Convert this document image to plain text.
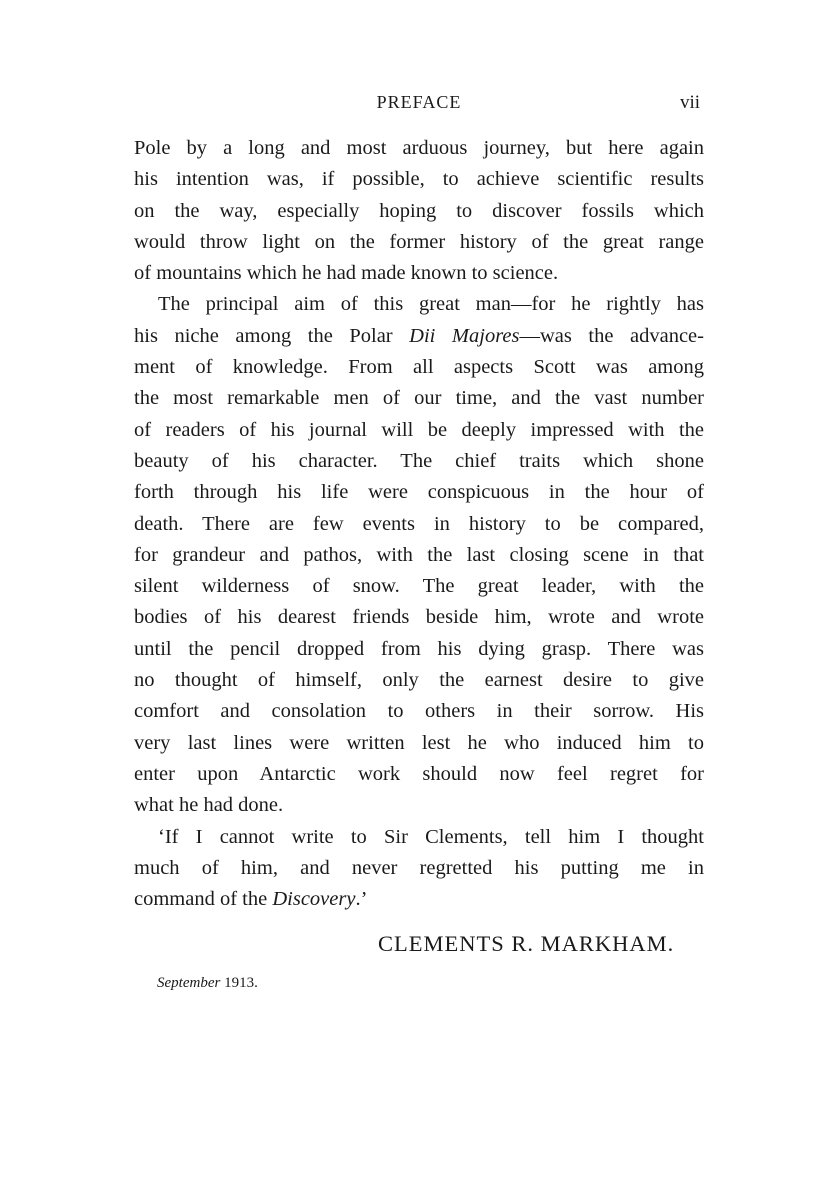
PREFACE	vii

Pole by a long and most arduous journey, but here again
his intention was, if possible, to achieve scientific results
on the way, especially hoping to discover fossils which
would throw light on the former history of the great range
of mountains which he had made known to science.

The principal aim of this great man—for he rightly has
his niche among the Polar Dii Majores—was the advance-
ment of knowledge. From all aspects Scott was among
the most remarkable men of our time, and the vast number
of readers of his journal will be deeply impressed with the
beauty of his character. The chief traits which shone
forth through his life were conspicuous in the hour of
death. There are few events in history to be compared,
for grandeur and pathos, with the last closing scene in that
silent wilderness of snow. The great leader, with the
bodies of his dearest friends beside him, wrote and wrote
until the pencil dropped from his dying grasp. There was
no thought of himself, only the earnest desire to give
comfort and consolation to others in their sorrow. His
very last lines were written lest he who induced him to
enter upon Antarctic work should now feel regret for
what he had done.

‘If I cannot write to Sir Clements, tell him I thought
much of him, and never regretted his putting me in
command of the Discovery.’

CLEMENTS R. MARKHAM.
September 1913.
